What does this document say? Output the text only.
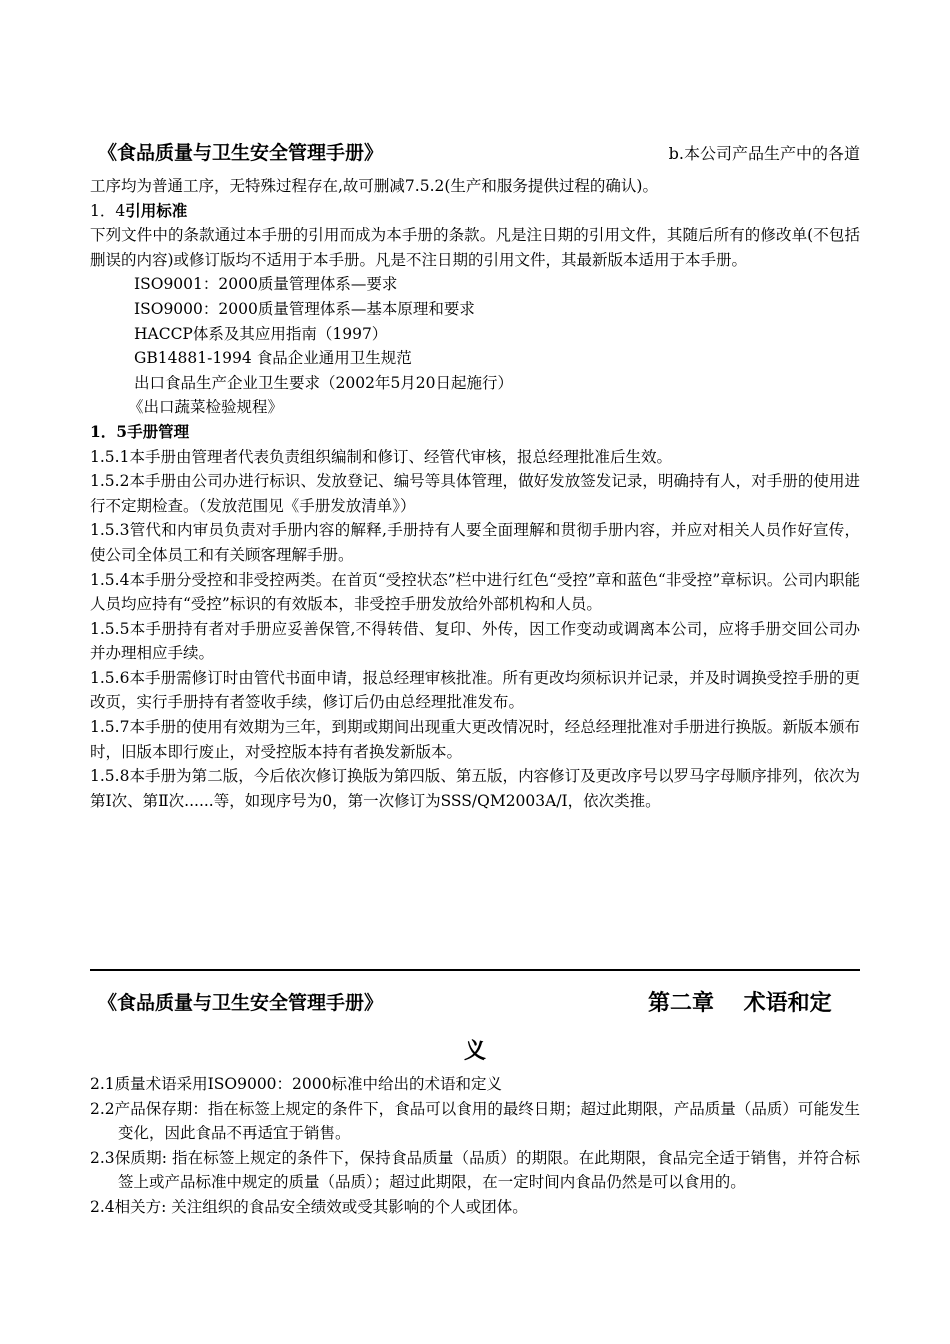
《食品质量与卫生安全管理手册》	b.本公司产品生产中的各道

工序均为普通工序，无特殊过程存在,故可删减7.5.2(生产和服务提供过程的确认)。

1．4引用标准

下列文件中的条款通过本手册的引用而成为本手册的条款。凡是注日期的引用文件，其随后所有的修改单(不包括删误的内容)或修订版均不适用于本手册。凡是不注日期的引用文件，其最新版本适用于本手册。

ISO9001：2000质量管理体系—要求

ISO9000：2000质量管理体系—基本原理和要求

HACCP体系及其应用指南（1997）

GB14881-1994 食品企业通用卫生规范

出口食品生产企业卫生要求（2002年5月20日起施行）

《出口蔬菜检验规程》

1．5手册管理

1.5.1本手册由管理者代表负责组织编制和修订、经管代审核，报总经理批准后生效。

1.5.2本手册由公司办进行标识、发放登记、编号等具体管理，做好发放签发记录，明确持有人，对手册的使用进行不定期检查。（发放范围见《手册发放清单》）

1.5.3管代和内审员负责对手册内容的解释,手册持有人要全面理解和贯彻手册内容，并应对相关人员作好宣传，使公司全体员工和有关顾客理解手册。

1.5.4本手册分受控和非受控两类。在首页“受控状态”栏中进行红色“受控”章和蓝色“非受控”章标识。公司内职能人员均应持有“受控”标识的有效版本，非受控手册发放给外部机构和人员。

1.5.5本手册持有者对手册应妥善保管,不得转借、复印、外传，因工作变动或调离本公司，应将手册交回公司办并办理相应手续。

1.5.6本手册需修订时由管代书面申请，报总经理审核批准。所有更改均须标识并记录，并及时调换受控手册的更改页，实行手册持有者签收手续，修订后仍由总经理批准发布。

1.5.7本手册的使用有效期为三年，到期或期间出现重大更改情况时，经总经理批准对手册进行换版。新版本颁布时，旧版本即行废止，对受控版本持有者换发新版本。

1.5.8本手册为第二版，今后依次修订换版为第四版、第五版，内容修订及更改序号以罗马字母顺序排列，依次为第Ⅰ次、第Ⅱ次......等，如现序号为0，第一次修订为SSS/QM2003A/I，依次类推。

《食品质量与卫生安全管理手册》	第二章　 术语和定
义

2.1质量术语采用ISO9000：2000标准中给出的术语和定义

2.2产品保存期：指在标签上规定的条件下，食品可以食用的最终日期；超过此期限，产品质量（品质）可能发生变化，因此食品不再适宜于销售。

2.3保质期: 指在标签上规定的条件下，保持食品质量（品质）的期限。在此期限，食品完全适于销售，并符合标签上或产品标准中规定的质量（品质）；超过此期限，在一定时间内食品仍然是可以食用的。

2.4相关方: 关注组织的食品安全绩效或受其影响的个人或团体。
